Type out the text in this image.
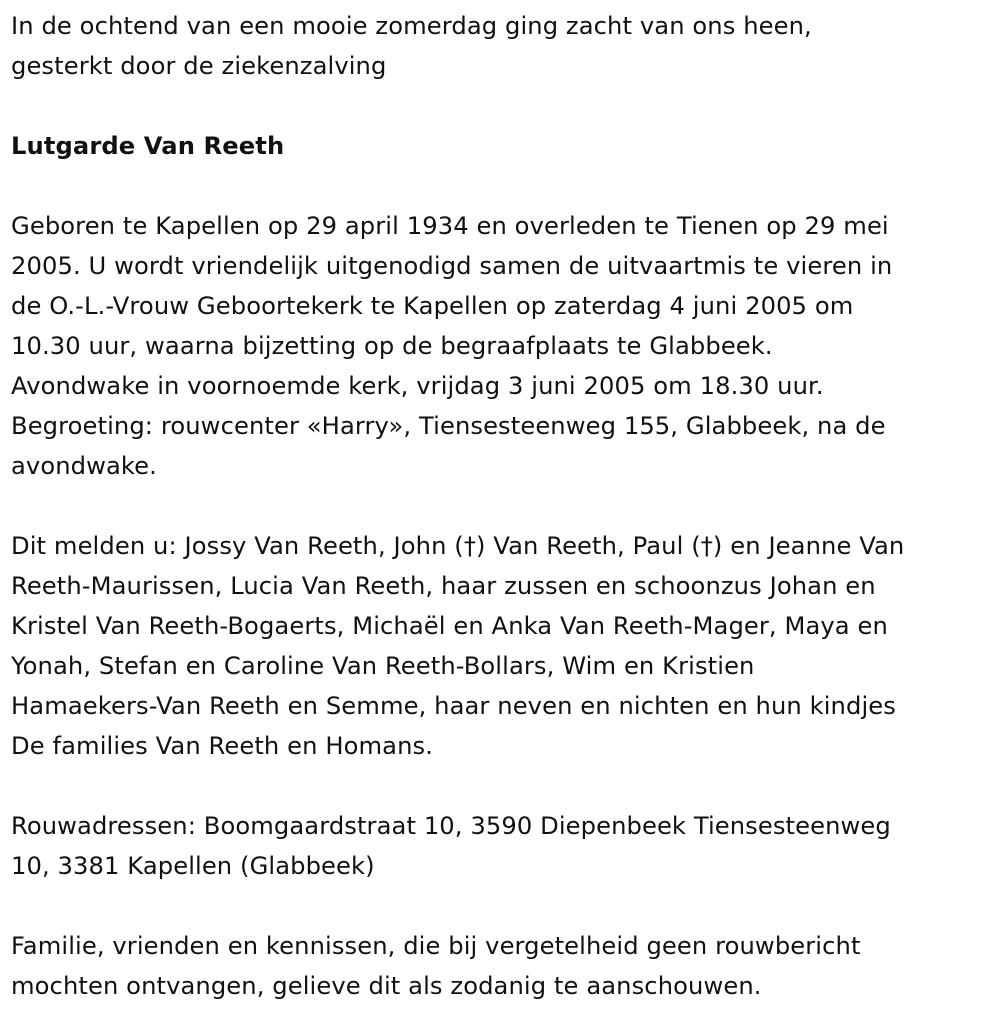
In de ochtend van een mooie zomerdag ging zacht van ons heen,
gesterkt door de ziekenzalving
Lutgarde Van Reeth
Geboren te Kapellen op 29 april 1934 en overleden te Tienen op 29 mei
2005. U wordt vriendelijk uitgenodigd samen de uitvaartmis te vieren in
de O.-L.-Vrouw Geboortekerk te Kapellen op zaterdag 4 juni 2005 om
10.30 uur, waarna bijzetting op de begraafplaats te Glabbeek.
Avondwake in voornoemde kerk, vrijdag 3 juni 2005 om 18.30 uur.
Begroeting: rouwcenter «Harry», Tiensesteenweg 155, Glabbeek, na de
avondwake.
Dit melden u: Jossy Van Reeth, John (†) Van Reeth, Paul (†) en Jeanne Van
Reeth-Maurissen, Lucia Van Reeth, haar zussen en schoonzus Johan en
Kristel Van Reeth-Bogaerts, Michaël en Anka Van Reeth-Mager, Maya en
Yonah, Stefan en Caroline Van Reeth-Bollars, Wim en Kristien
Hamaekers-Van Reeth en Semme, haar neven en nichten en hun kindjes
De families Van Reeth en Homans.
Rouwadressen: Boomgaardstraat 10, 3590 Diepenbeek Tiensesteenweg
10, 3381 Kapellen (Glabbeek)
Familie, vrienden en kennissen, die bij vergetelheid geen rouwbericht
mochten ontvangen, gelieve dit als zodanig te aanschouwen.
